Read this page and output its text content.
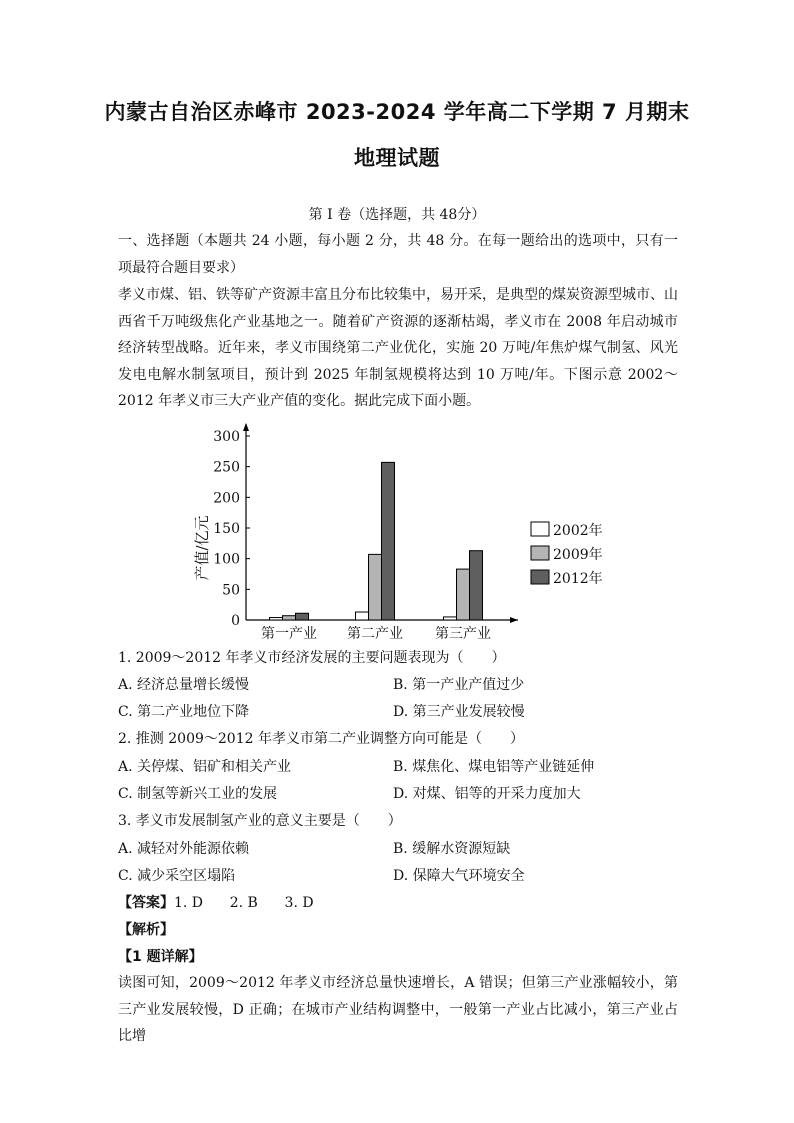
内蒙古自治区赤峰市 2023-2024 学年高二下学期 7 月期末
地理试题
第 I 卷（选择题，共 48分）
一、选择题（本题共 24 小题，每小题 2 分，共 48 分。在每一题给出的选项中，只有一项最符合题目要求）
孝义市煤、铝、铁等矿产资源丰富且分布比较集中，易开采，是典型的煤炭资源型城市、山西省千万吨级焦化产业基地之一。随着矿产资源的逐渐枯竭，孝义市在 2008 年启动城市经济转型战略。近年来，孝义市围绕第二产业优化，实施 20 万吨/年焦炉煤气制氢、风光发电电解水制氢项目，预计到 2025 年制氢规模将达到 10 万吨/年。下图示意 2002～2012 年孝义市三大产业产值的变化。据此完成下面小题。
0
50
100
150
200
250
300
产值/亿元
第一产业 第二产业 第三产业
2002年
2009年
2012年
1. 2009～2012 年孝义市经济发展的主要问题表现为（　　）
A. 经济总量增长缓慢	B. 第一产业产值过少
C. 第二产业地位下降	D. 第三产业发展较慢
2. 推测 2009～2012 年孝义市第二产业调整方向可能是（　　）
A. 关停煤、铝矿和相关产业	B. 煤焦化、煤电铝等产业链延伸
C. 制氢等新兴工业的发展	D. 对煤、铝等的开采力度加大
3. 孝义市发展制氢产业的意义主要是（　　）
A. 减轻对外能源依赖	B. 缓解水资源短缺
C. 减少采空区塌陷	D. 保障大气环境安全
【答案】1. D      2. B      3. D
【解析】
【1 题详解】
读图可知，2009～2012 年孝义市经济总量快速增长，A 错误；但第三产业涨幅较小，第三产业发展较慢，D 正确；在城市产业结构调整中，一般第一产业占比减小，第三产业占比增
